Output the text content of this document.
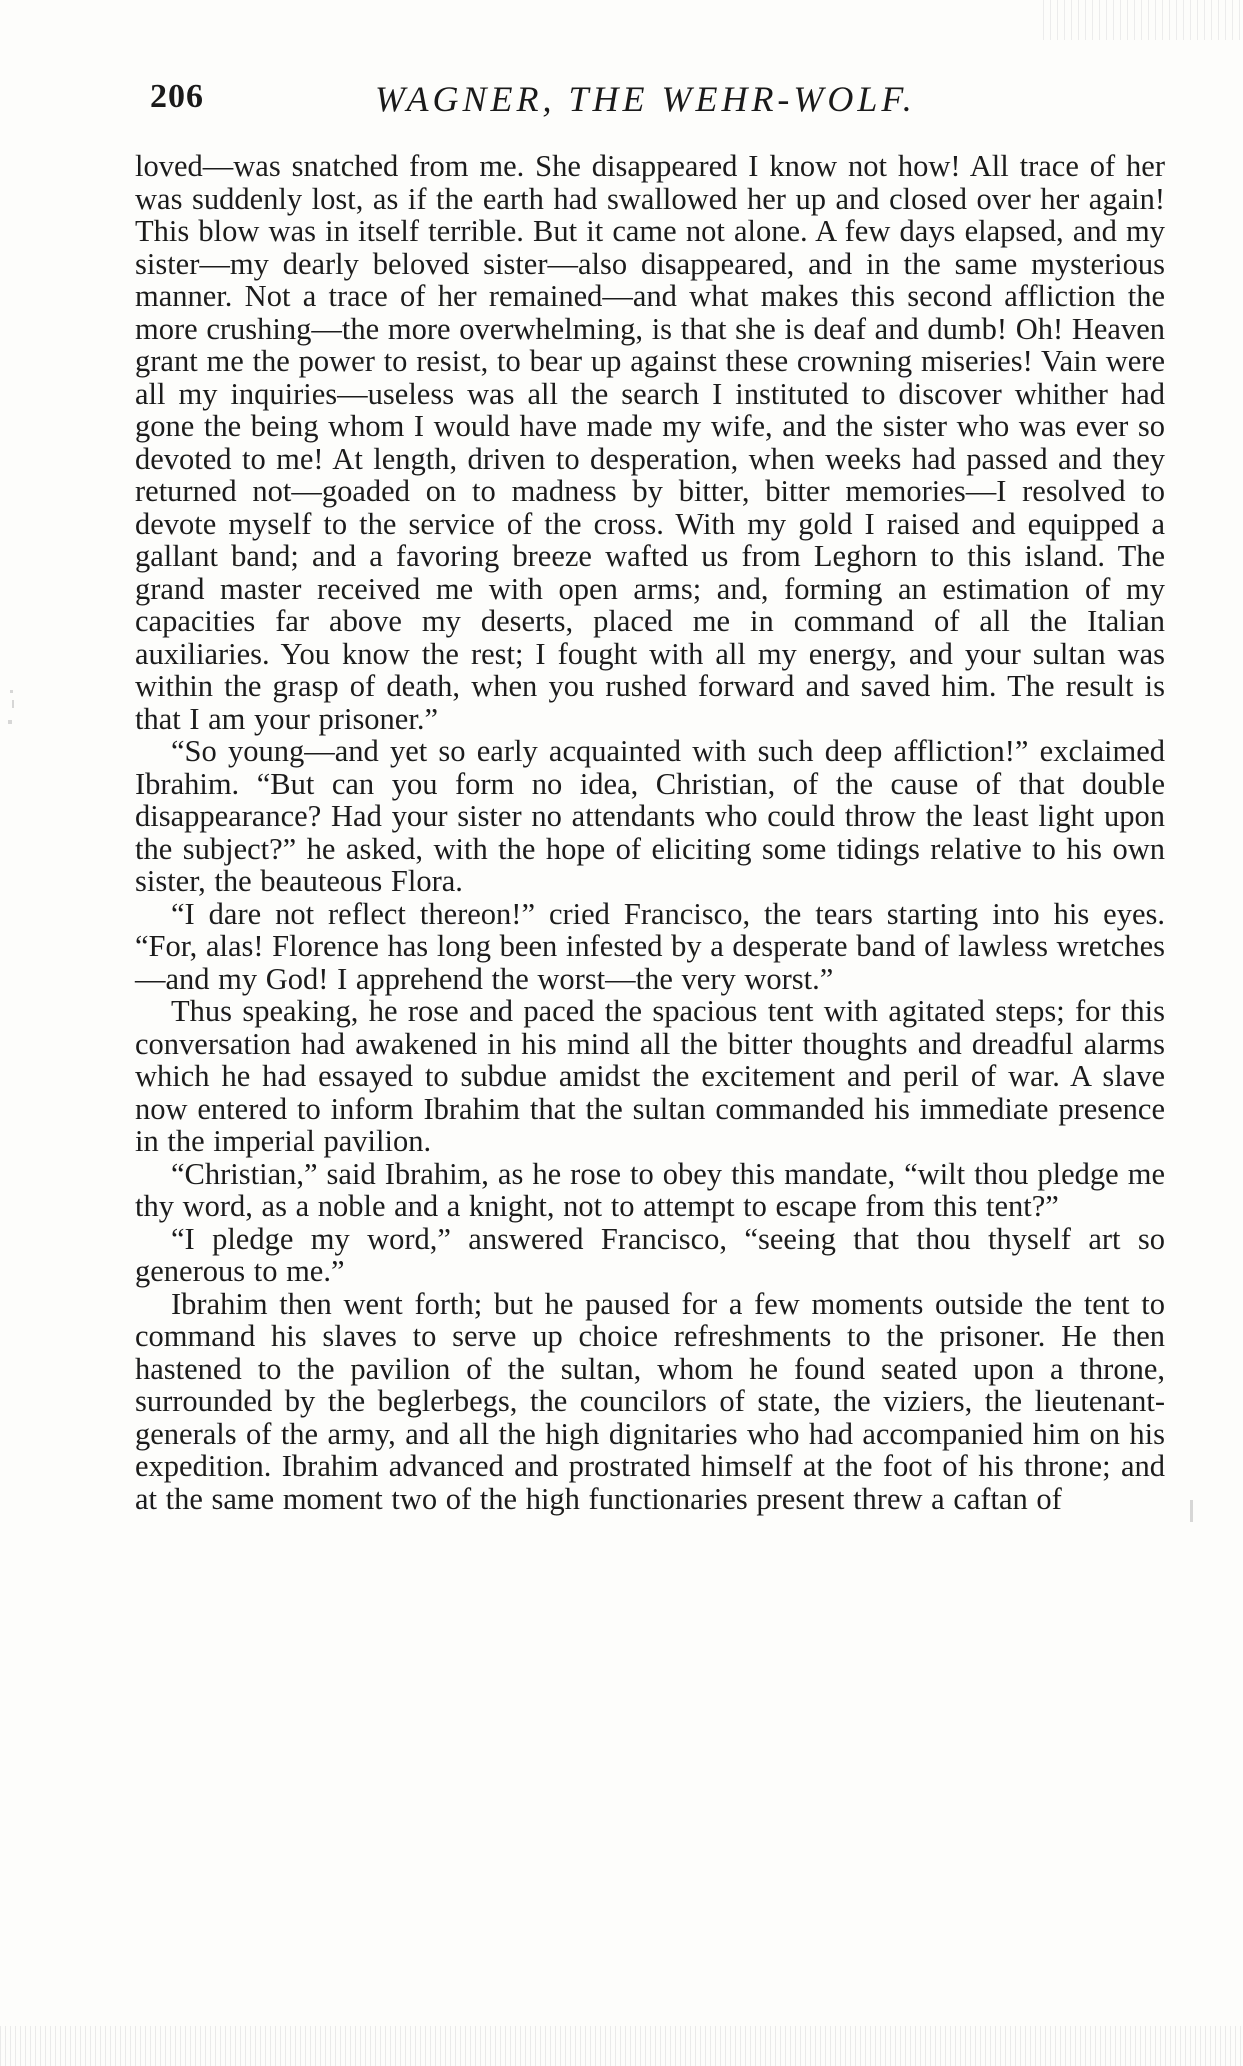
206	WAGNER, THE WEHR-WOLF.

loved—was snatched from me. She disappeared I know not how! All trace of her was suddenly lost, as if the earth had swallowed her up and closed over her again! This blow was in itself terrible. But it came not alone. A few days elapsed, and my sister—my dearly beloved sister—also disappeared, and in the same mysterious manner. Not a trace of her remained—and what makes this second affliction the more crushing—the more overwhelming, is that she is deaf and dumb! Oh! Heaven grant me the power to resist, to bear up against these crowning miseries! Vain were all my inquiries—useless was all the search I instituted to discover whither had gone the being whom I would have made my wife, and the sister who was ever so devoted to me! At length, driven to desperation, when weeks had passed and they returned not—goaded on to madness by bitter, bitter memories—I resolved to devote myself to the service of the cross. With my gold I raised and equipped a gallant band; and a favoring breeze wafted us from Leghorn to this island. The grand master received me with open arms; and, forming an estimation of my capacities far above my deserts, placed me in command of all the Italian auxiliaries. You know the rest; I fought with all my energy, and your sultan was within the grasp of death, when you rushed forward and saved him. The result is that I am your prisoner.”

“So young—and yet so early acquainted with such deep affliction!” exclaimed Ibrahim. “But can you form no idea, Christian, of the cause of that double disappearance? Had your sister no attendants who could throw the least light upon the subject?” he asked, with the hope of eliciting some tidings relative to his own sister, the beauteous Flora.

“I dare not reflect thereon!” cried Francisco, the tears starting into his eyes. “For, alas! Florence has long been infested by a desperate band of lawless wretches—and my God! I apprehend the worst—the very worst.”

Thus speaking, he rose and paced the spacious tent with agitated steps; for this conversation had awakened in his mind all the bitter thoughts and dreadful alarms which he had essayed to subdue amidst the excitement and peril of war. A slave now entered to inform Ibrahim that the sultan commanded his immediate presence in the imperial pavilion.

“Christian,” said Ibrahim, as he rose to obey this mandate, “wilt thou pledge me thy word, as a noble and a knight, not to attempt to escape from this tent?”

“I pledge my word,” answered Francisco, “seeing that thou thyself art so generous to me.”

Ibrahim then went forth; but he paused for a few moments outside the tent to command his slaves to serve up choice refreshments to the prisoner. He then hastened to the pavilion of the sultan, whom he found seated upon a throne, surrounded by the beglerbegs, the councilors of state, the viziers, the lieutenant-generals of the army, and all the high dignitaries who had accompanied him on his expedition. Ibrahim advanced and prostrated himself at the foot of his throne; and at the same moment two of the high functionaries present threw a caftan of
